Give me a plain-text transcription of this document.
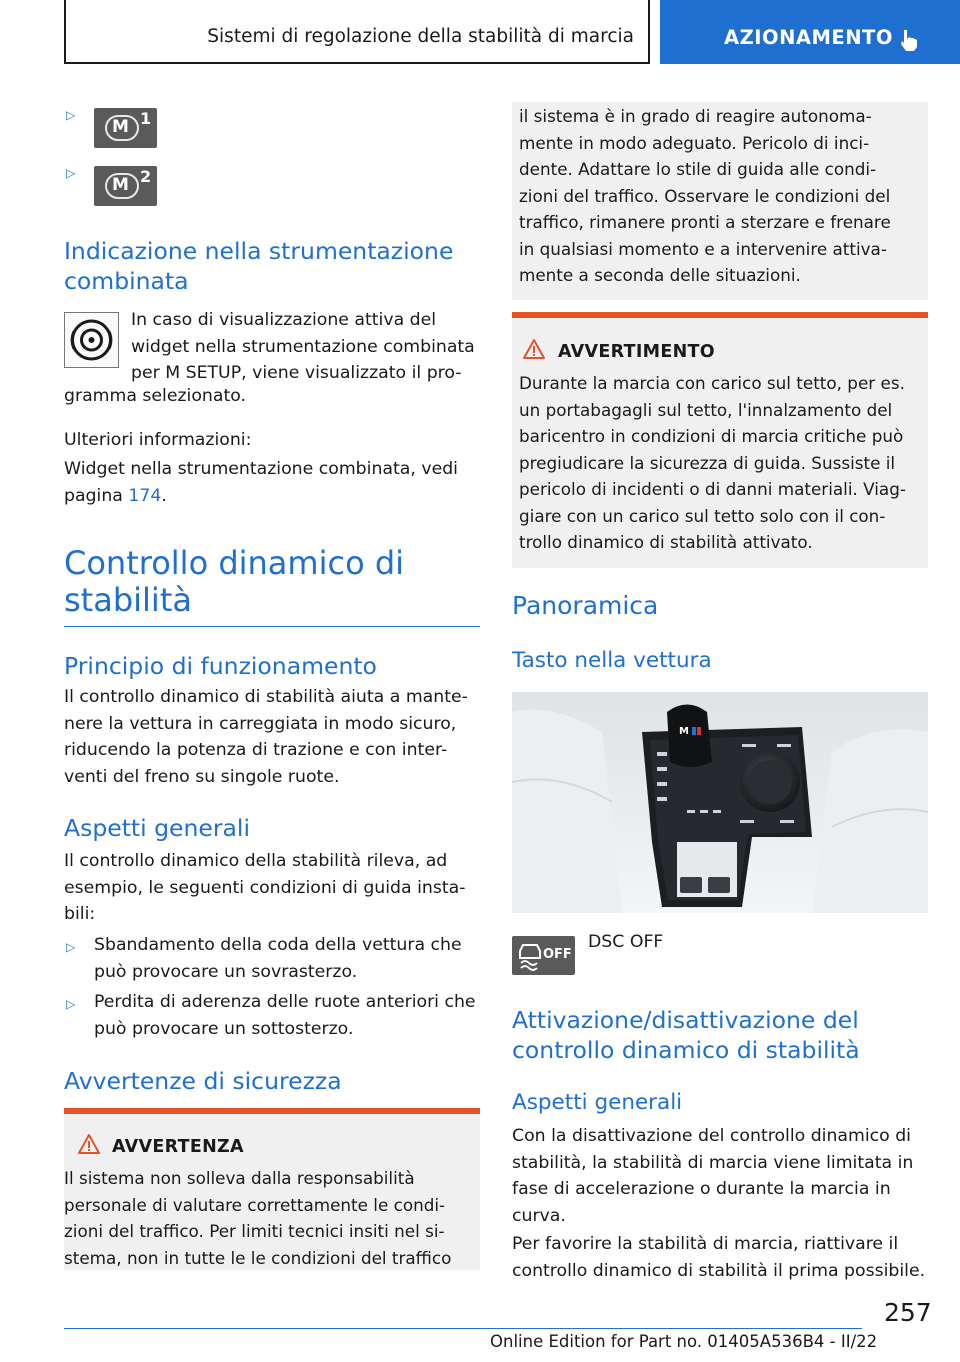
Sistemi di regolazione della stabilità di marcia	AZIONAMENTO
▷
M 1
▷
M 2
Indicazione nella strumentazione
combinata
In caso di visualizzazione attiva del
widget nella strumentazione combinata
per M SETUP, viene visualizzato il pro-
gramma selezionato.
Ulteriori informazioni:
Widget nella strumentazione combinata, vedi
pagina 174.
Controllo dinamico di
stabilità
Principio di funzionamento
Il controllo dinamico di stabilità aiuta a mante-
nere la vettura in carreggiata in modo sicuro,
riducendo la potenza di trazione e con inter-
venti del freno su singole ruote.
Aspetti generali
Il controllo dinamico della stabilità rileva, ad
esempio, le seguenti condizioni di guida insta-
bili:
▷ Sbandamento della coda della vettura che
può provocare un sovrasterzo.
▷ Perdita di aderenza delle ruote anteriori che
può provocare un sottosterzo.
Avvertenze di sicurezza
AVVERTENZA
Il sistema non solleva dalla responsabilità
personale di valutare correttamente le condi-
zioni del traffico. Per limiti tecnici insiti nel si-
stema, non in tutte le le condizioni del traffico
il sistema è in grado di reagire autonoma-
mente in modo adeguato. Pericolo di inci-
dente. Adattare lo stile di guida alle condi-
zioni del traffico. Osservare le condizioni del
traffico, rimanere pronti a sterzare e frenare
in qualsiasi momento e a intervenire attiva-
mente a seconda delle situazioni.
AVVERTIMENTO
Durante la marcia con carico sul tetto, per es.
un portabagagli sul tetto, l'innalzamento del
baricentro in condizioni di marcia critiche può
pregiudicare la sicurezza di guida. Sussiste il
pericolo di incidenti o di danni materiali. Viag-
giare con un carico sul tetto solo con il con-
trollo dinamico di stabilità attivato.
Panoramica
Tasto nella vettura
M
OFF
DSC OFF
Attivazione/disattivazione del
controllo dinamico di stabilità
Aspetti generali
Con la disattivazione del controllo dinamico di
stabilità, la stabilità di marcia viene limitata in
fase di accelerazione o durante la marcia in
curva.
Per favorire la stabilità di marcia, riattivare il
controllo dinamico di stabilità il prima possibile.
257
Online Edition for Part no. 01405A536B4 - II/22
